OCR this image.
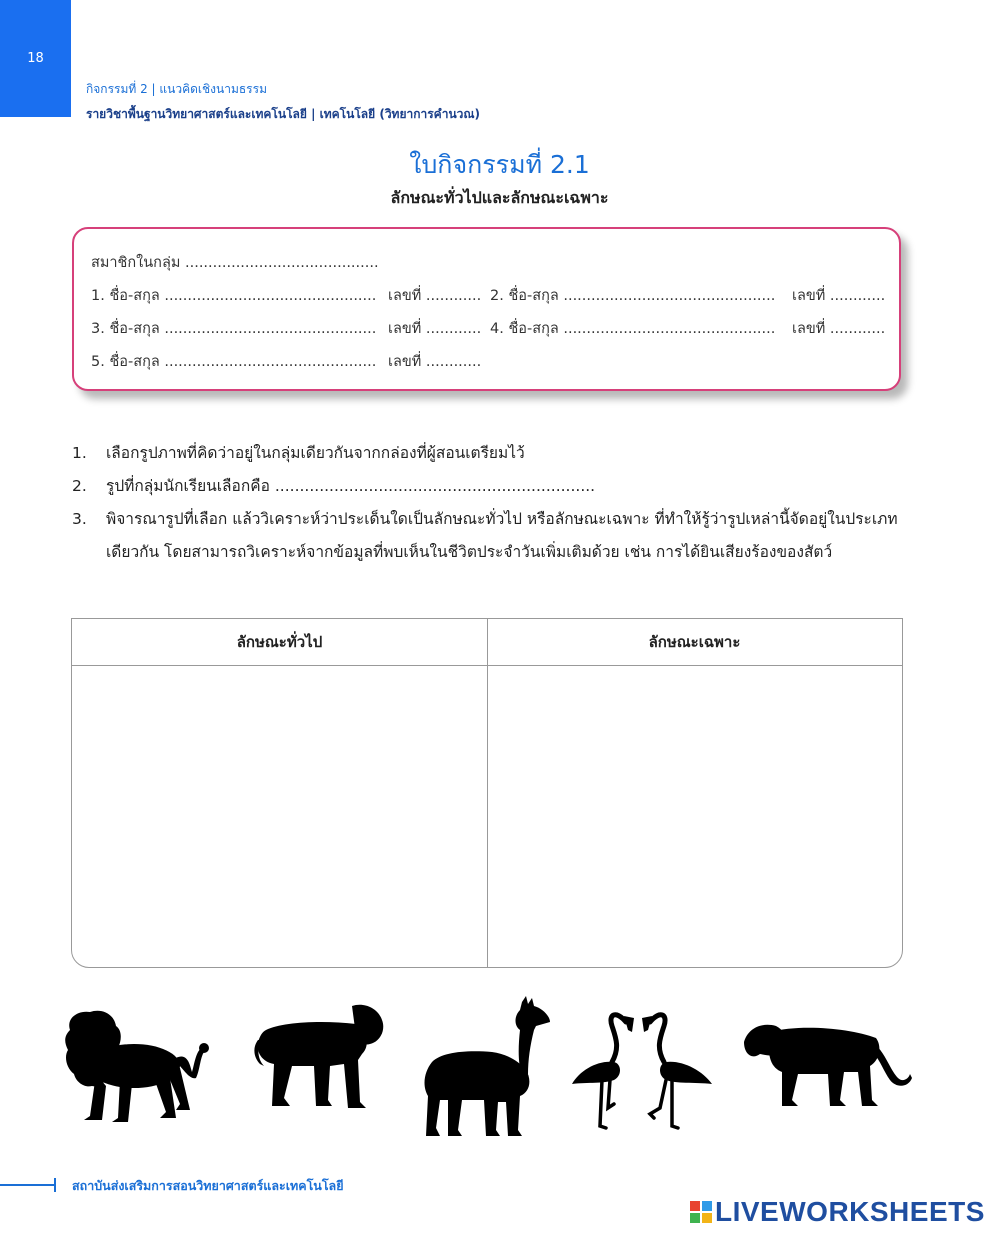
18
กิจกรรมที่ 2 | แนวคิดเชิงนามธรรม
รายวิชาพื้นฐานวิทยาศาสตร์และเทคโนโลยี | เทคโนโลยี (วิทยาการคำนวณ)
ใบกิจกรรมที่ 2.1
ลักษณะทั่วไปและลักษณะเฉพาะ
สมาชิกในกลุ่ม ..........................................
1. ชื่อ-สกุล .............................................. เลขที่ ............ 2. ชื่อ-สกุล .............................................. เลขที่ ............
3. ชื่อ-สกุล .............................................. เลขที่ ............ 4. ชื่อ-สกุล .............................................. เลขที่ ............
5. ชื่อ-สกุล .............................................. เลขที่ ............
1. เลือกรูปภาพที่คิดว่าอยู่ในกลุ่มเดียวกันจากกล่องที่ผู้สอนเตรียมไว้
2. รูปที่กลุ่มนักเรียนเลือกคือ .................................................................
3. พิจารณารูปที่เลือก แล้ววิเคราะห์ว่าประเด็นใดเป็นลักษณะทั่วไป หรือลักษณะเฉพาะ ที่ทำให้รู้ว่ารูปเหล่านี้จัดอยู่ในประเภทเดียวกัน โดยสามารถวิเคราะห์จากข้อมูลที่พบเห็นในชีวิตประจำวันเพิ่มเติมด้วย เช่น การได้ยินเสียงร้องของสัตว์
ลักษณะทั่วไป	ลักษณะเฉพาะ
สถาบันส่งเสริมการสอนวิทยาศาสตร์และเทคโนโลยี
LIVEWORKSHEETS
